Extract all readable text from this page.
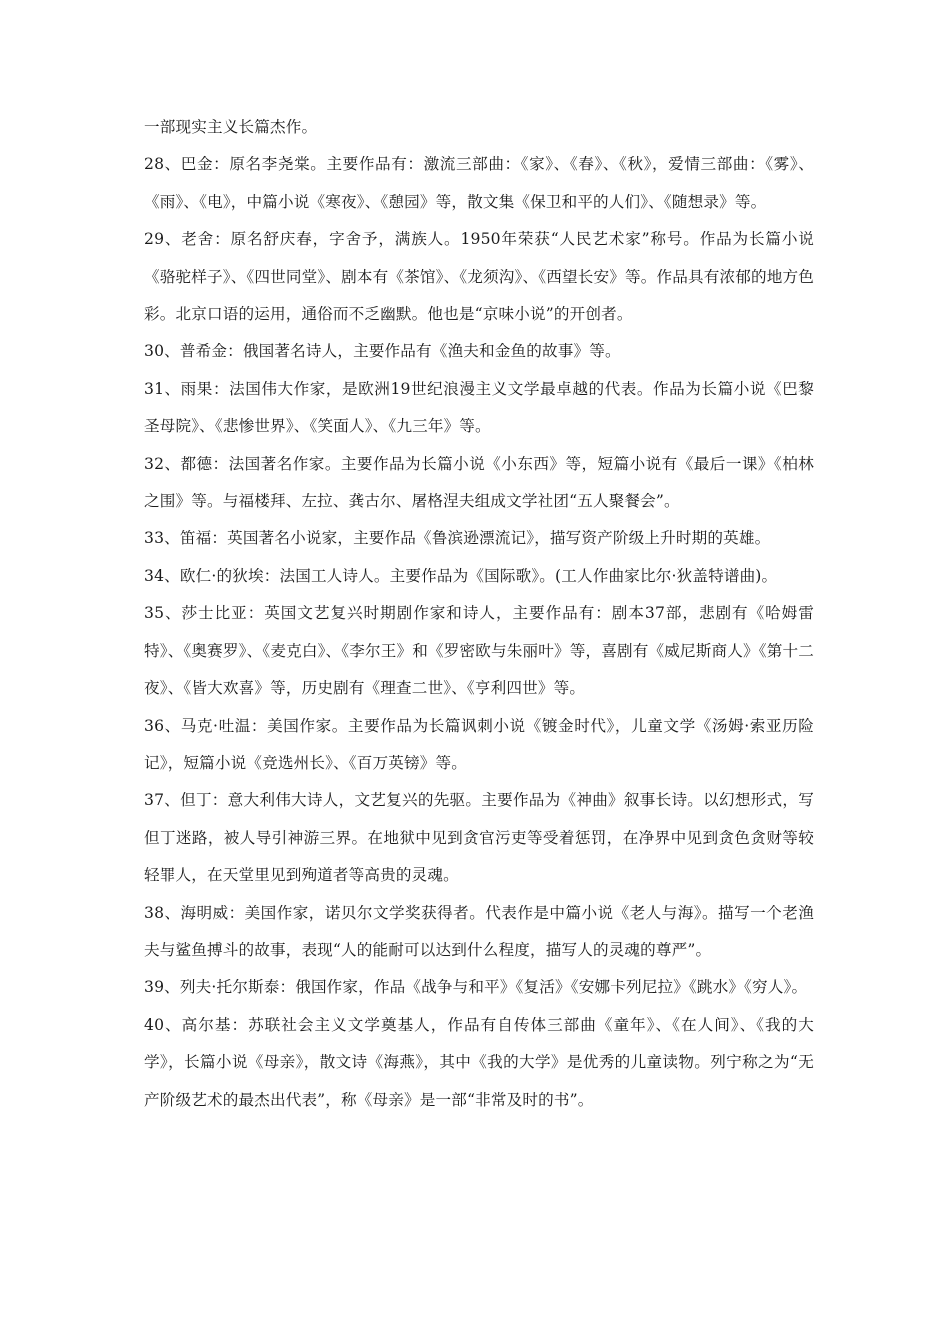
一部现实主义长篇杰作。

28、巴金：原名李尧棠。主要作品有：激流三部曲：《家》、《春》、《秋》，爱情三部曲：《雾》、《雨》、《电》，中篇小说《寒夜》、《憩园》等，散文集《保卫和平的人们》、《随想录》等。

29、老舍：原名舒庆春，字舍予，满族人。1950年荣获“人民艺术家”称号。作品为长篇小说《骆驼样子》、《四世同堂》、剧本有《茶馆》、《龙须沟》、《西望长安》等。作品具有浓郁的地方色彩。北京口语的运用，通俗而不乏幽默。他也是“京味小说”的开创者。

30、普希金：俄国著名诗人，主要作品有《渔夫和金鱼的故事》等。

31、雨果：法国伟大作家，是欧洲19世纪浪漫主义文学最卓越的代表。作品为长篇小说《巴黎圣母院》、《悲惨世界》、《笑面人》、《九三年》等。

32、都德：法国著名作家。主要作品为长篇小说《小东西》等，短篇小说有《最后一课》《柏林之围》等。与福楼拜、左拉、龚古尔、屠格涅夫组成文学社团“五人聚餐会”。

33、笛福：英国著名小说家，主要作品《鲁滨逊漂流记》，描写资产阶级上升时期的英雄。

34、欧仁·的狄埃：法国工人诗人。主要作品为《国际歌》。(工人作曲家比尔·狄盖特谱曲)。

35、莎士比亚：英国文艺复兴时期剧作家和诗人，主要作品有：剧本37部，悲剧有《哈姆雷特》、《奥赛罗》、《麦克白》、《李尔王》和《罗密欧与朱丽叶》等，喜剧有《威尼斯商人》《第十二夜》、《皆大欢喜》等，历史剧有《理查二世》、《亨利四世》等。

36、马克·吐温：美国作家。主要作品为长篇讽刺小说《镀金时代》，儿童文学《汤姆·索亚历险记》，短篇小说《竞选州长》、《百万英镑》等。

37、但丁：意大利伟大诗人，文艺复兴的先驱。主要作品为《神曲》叙事长诗。以幻想形式，写但丁迷路，被人导引神游三界。在地狱中见到贪官污吏等受着惩罚，在净界中见到贪色贪财等较轻罪人，在天堂里见到殉道者等高贵的灵魂。

38、海明威：美国作家，诺贝尔文学奖获得者。代表作是中篇小说《老人与海》。描写一个老渔夫与鲨鱼搏斗的故事，表现“人的能耐可以达到什么程度，描写人的灵魂的尊严”。

39、列夫·托尔斯泰：俄国作家，作品《战争与和平》《复活》《安娜卡列尼拉》《跳水》《穷人》。

40、高尔基：苏联社会主义文学奠基人，作品有自传体三部曲《童年》、《在人间》、《我的大学》，长篇小说《母亲》，散文诗《海燕》，其中《我的大学》是优秀的儿童读物。列宁称之为“无产阶级艺术的最杰出代表”，称《母亲》是一部“非常及时的书”。
